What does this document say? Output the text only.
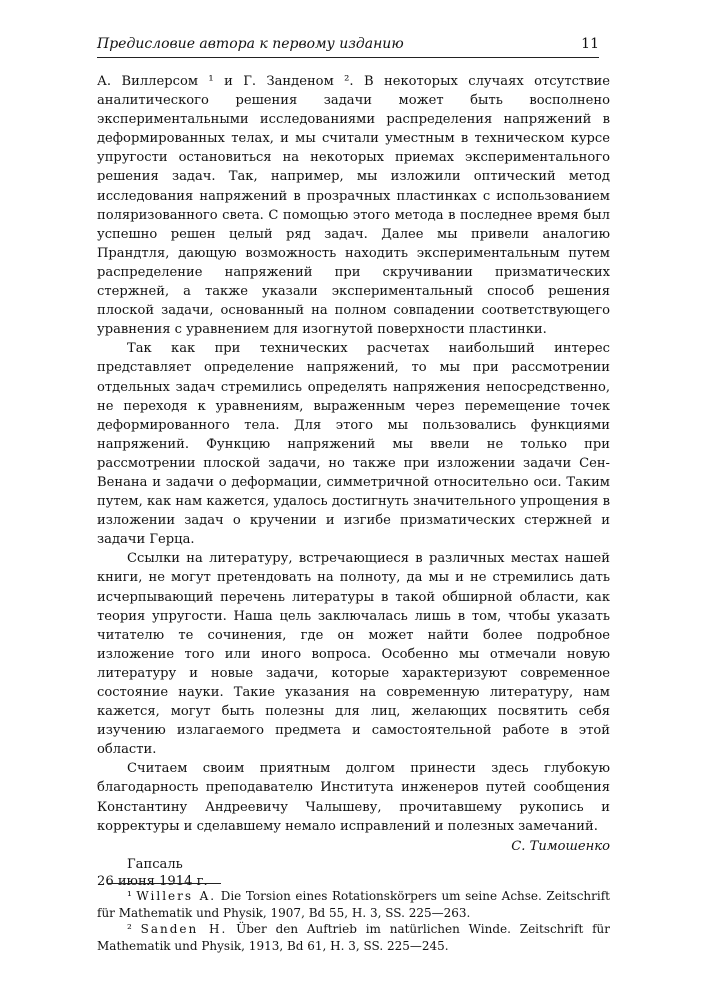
Предисловие автора к первому изданию	11

А. Виллерсом ¹ и Г. Занденом ². В некоторых случаях отсутствие аналитического решения задачи может быть восполнено экспериментальными исследованиями распределения напряжений в деформированных телах, и мы считали уместным в техническом курсе упругости остановиться на некоторых приемах экспериментального решения задач. Так, например, мы изложили оптический метод исследования напряжений в прозрачных пластинках с использованием поляризованного света. С помощью этого метода в последнее время был успешно решен целый ряд задач. Далее мы привели аналогию Прандтля, дающую возможность находить экспериментальным путем распределение напряжений при скручивании призматических стержней, а также указали экспериментальный способ решения плоской задачи, основанный на полном совпадении соответствующего уравнения с уравнением для изогнутой поверхности пластинки.

Так как при технических расчетах наибольший интерес представляет определение напряжений, то мы при рассмотрении отдельных задач стремились определять напряжения непосредственно, не переходя к уравнениям, выраженным через перемещение точек деформированного тела. Для этого мы пользовались функциями напряжений. Функцию напряжений мы ввели не только при рассмотрении плоской задачи, но также при изложении задачи Сен-Венана и задачи о деформации, симметричной относительно оси. Таким путем, как нам кажется, удалось достигнуть значительного упрощения в изложении задач о кручении и изгибе призматических стержней и задачи Герца.

Ссылки на литературу, встречающиеся в различных местах нашей книги, не могут претендовать на полноту, да мы и не стремились дать исчерпывающий перечень литературы в такой обширной области, как теория упругости. Наша цель заключалась лишь в том, чтобы указать читателю те сочинения, где он может найти более подробное изложение того или иного вопроса. Особенно мы отмечали новую литературу и новые задачи, которые характеризуют современное состояние науки. Такие указания на современную литературу, нам кажется, могут быть полезны для лиц, желающих посвятить себя изучению излагаемого предмета и самостоятельной работе в этой области.

Считаем своим приятным долгом принести здесь глубокую благодарность преподавателю Института инженеров путей сообщения Константину Андреевичу Чалышеву, прочитавшему рукопись и корректуры и сделавшему немало исправлений и полезных замечаний.

С. Тимошенко

Гапсаль
26 июня 1914 г.

¹ Willers A. Die Torsion eines Rotationskörpers um seine Achse. Zeitschrift für Mathematik und Physik, 1907, Bd 55, H. 3, SS. 225—263.

² Sanden H. Über den Auftrieb im natürlichen Winde. Zeitschrift für Mathematik und Physik, 1913, Bd 61, H. 3, SS. 225—245.
